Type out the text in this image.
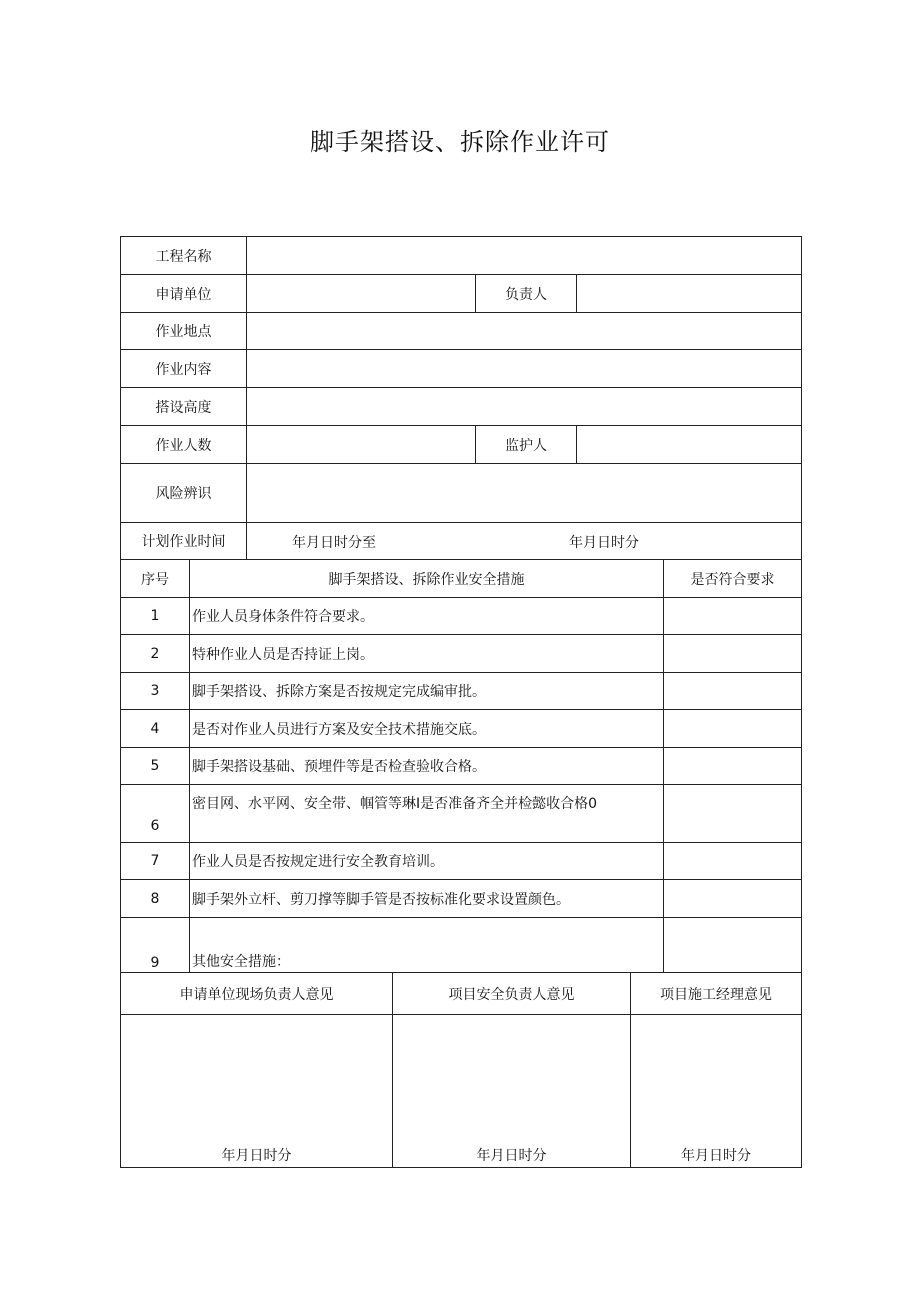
脚手架搭设、拆除作业许可
工程名称			
申请单位		负责人	
作业地点			
作业内容			
搭设高度			
作业人数		监护人	
风险辨识			
计划作业时间	年月日时分至 年月日时分		
序号	脚手架搭设、拆除作业安全措施	是否符合要求
1	作业人员身体条件符合要求。	
2	特种作业人员是否持证上岗。	
3	脚手架搭设、拆除方案是否按规定完成编审批。	
4	是否对作业人员进行方案及安全技术措施交底。	
5	脚手架搭设基础、预埋件等是否检查验收合格。	
6	密目网、水平网、安全带、帼管等琳I是否准备齐全并检懿收合格0	
7	作业人员是否按规定进行安全教育培训。	
8	脚手架外立杆、剪刀撑等脚手管是否按标准化要求设置颜色。	
9	其他安全措施：	
申请单位现场负责人意见	项目安全负责人意见	项目施工经理意见
年月日时分	年月日时分	年月日时分
